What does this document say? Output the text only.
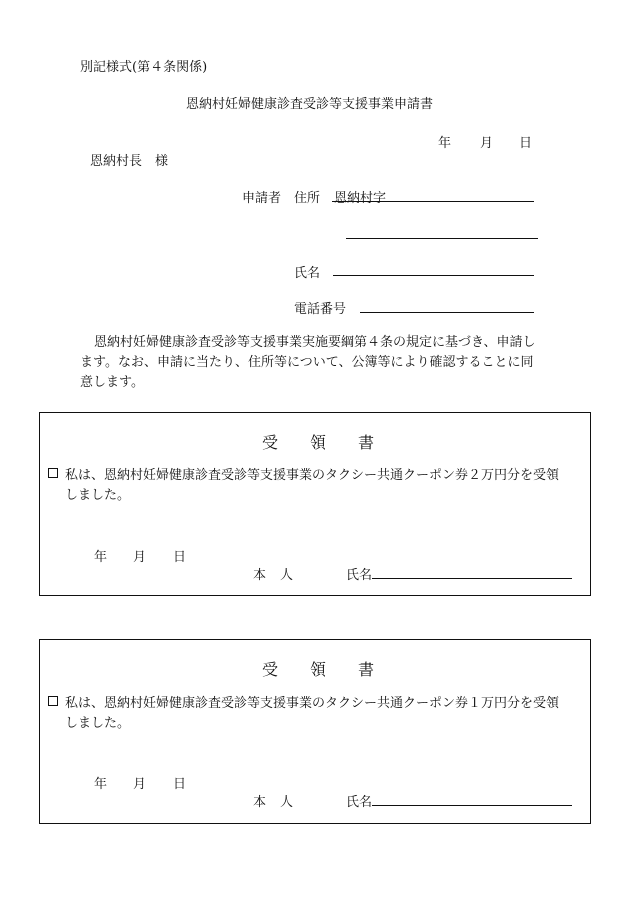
別記様式(第４条関係)
恩納村妊婦健康診査受診等支援事業申請書
年 月 日
恩納村長　様
申請者 住所 恩納村字
氏名
電話番号
恩納村妊婦健康診査受診等支援事業実施要綱第４条の規定に基づき、申請し
ます。なお、申請に当たり、住所等について、公簿等により確認することに同
意します。
受 領 書
私は、恩納村妊婦健康診査受診等支援事業のタクシー共通クーポン券２万円分を受領
しました。
年 月 日
本 人	氏名
受 領 書
私は、恩納村妊婦健康診査受診等支援事業のタクシー共通クーポン券１万円分を受領
しました。
年 月 日
本 人	氏名
